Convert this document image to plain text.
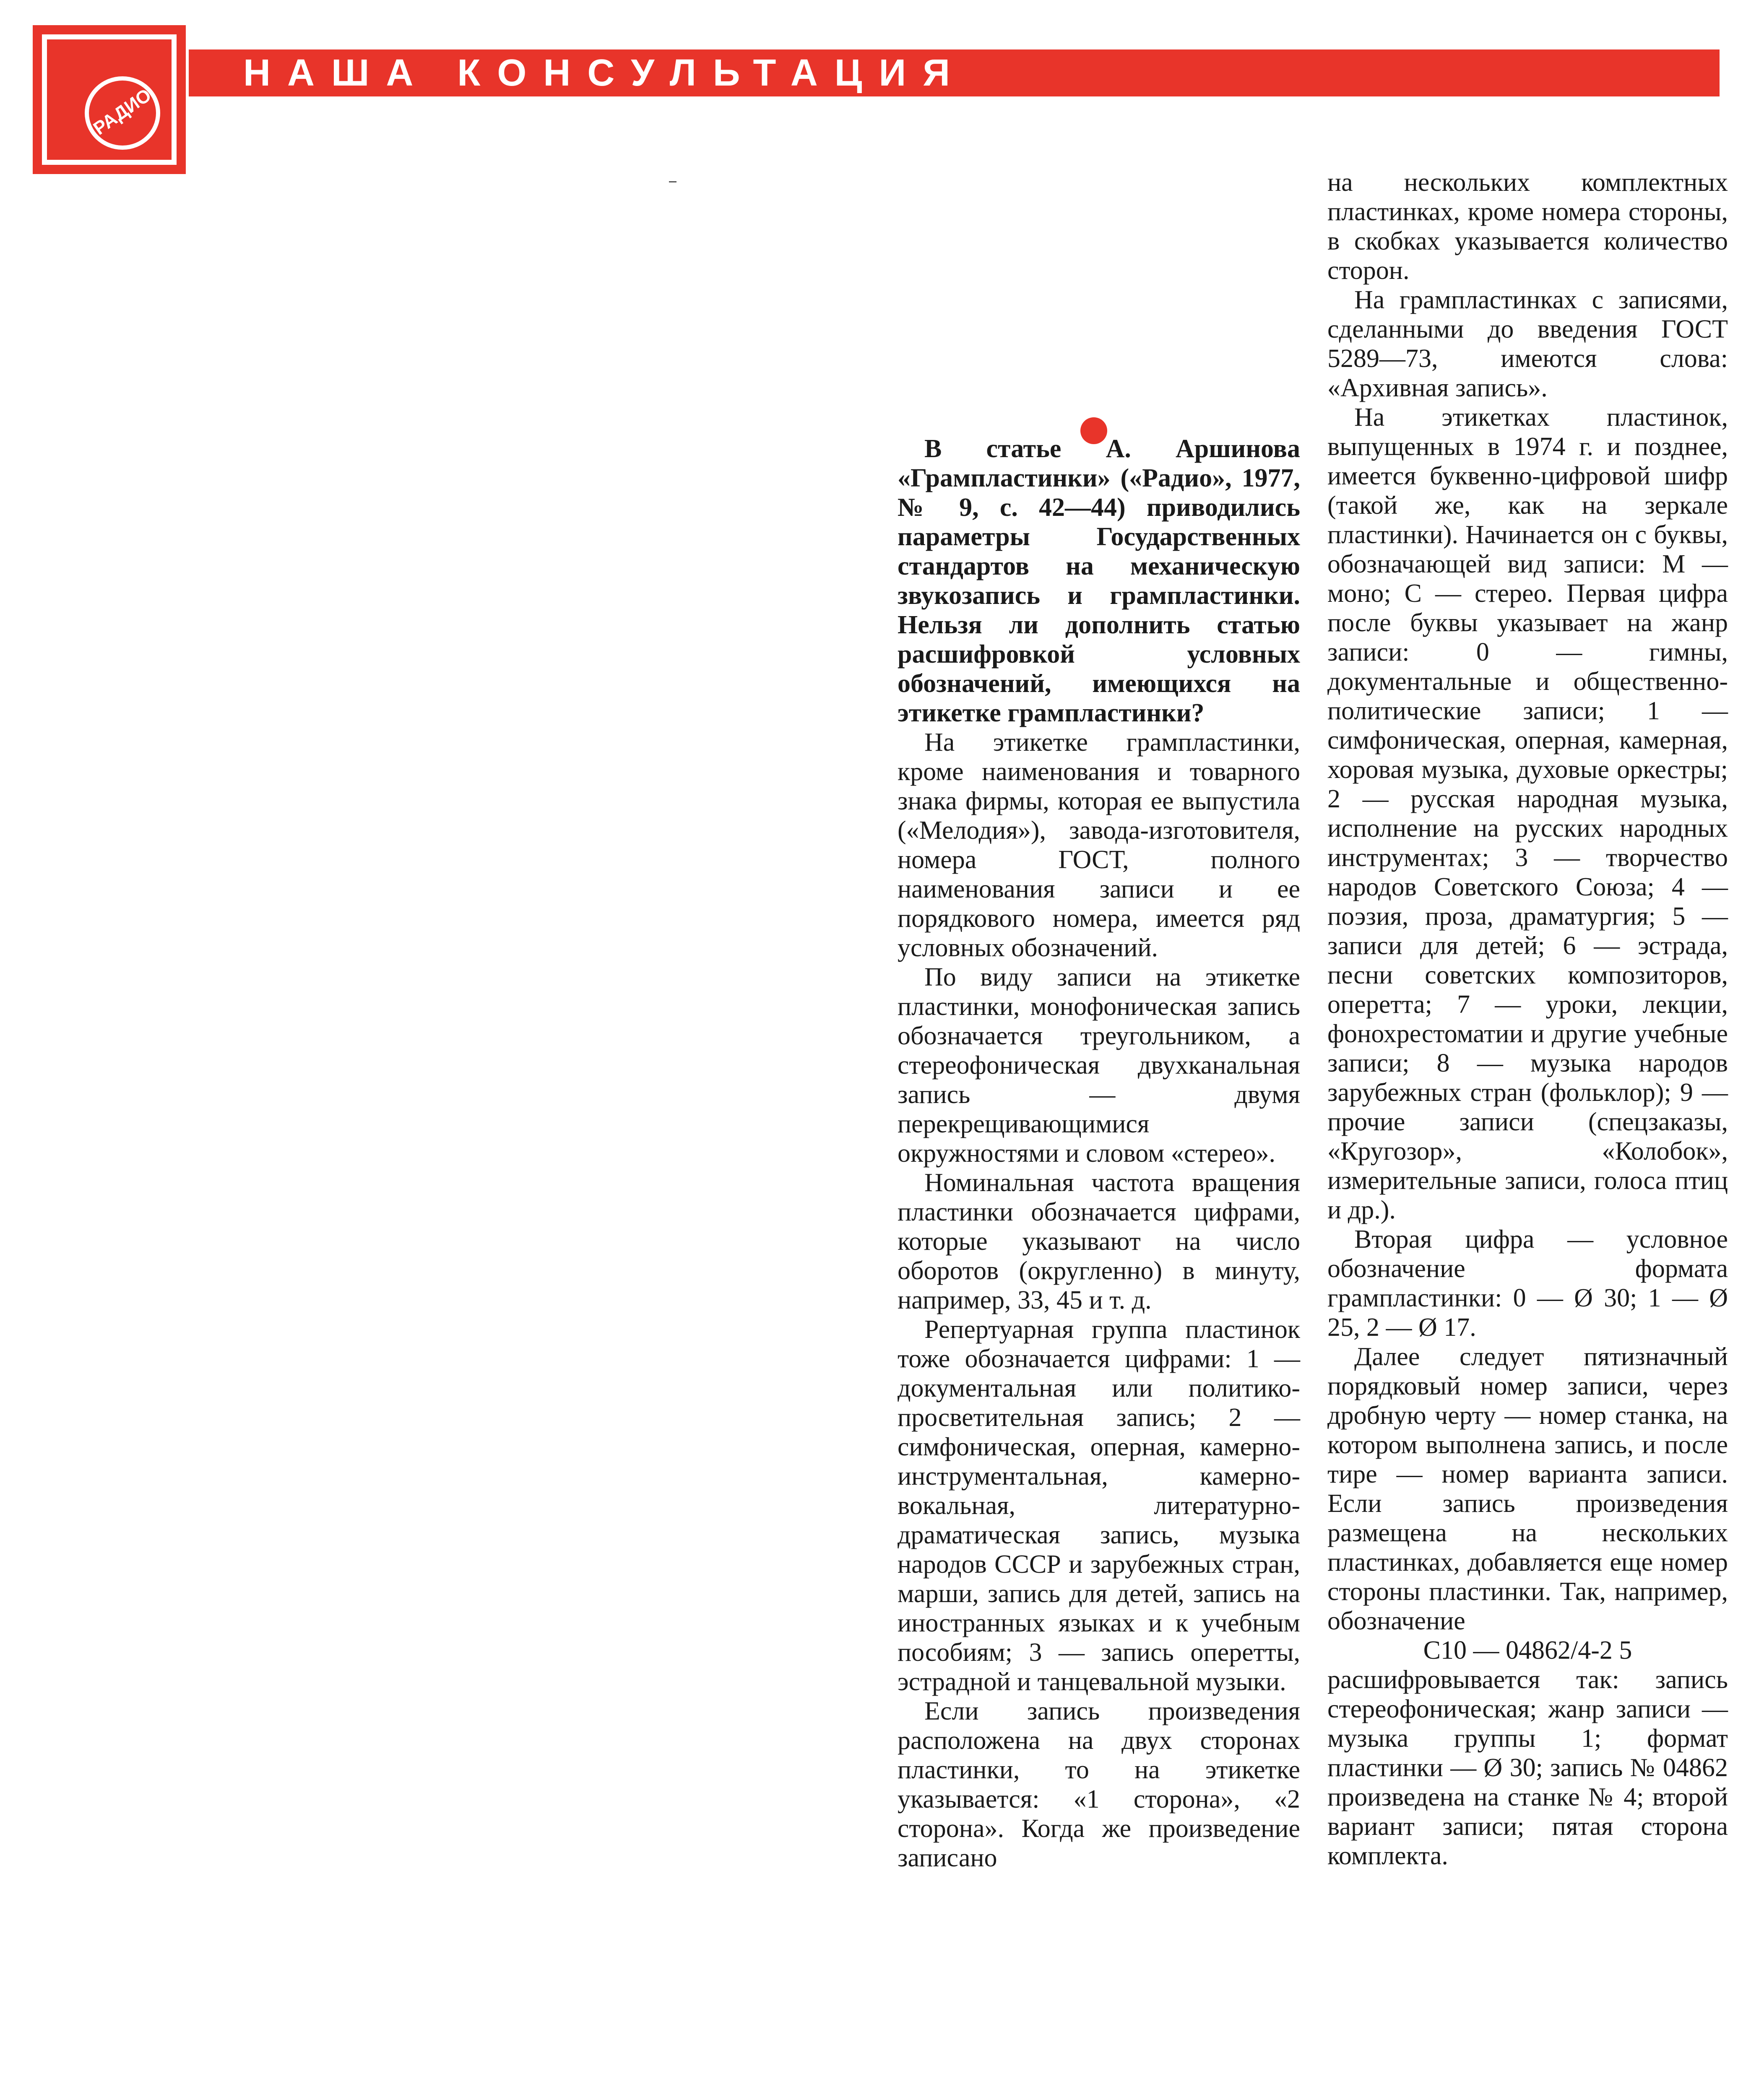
РАДИО
НАША КОНСУЛЬТАЦИЯ

В статье А. Аршинова «Грампластинки» («Радио», 1977, № 9, с. 42—44) приводились параметры Государственных стандартов на механическую звукозапись и грампластинки. Нельзя ли дополнить статью расшифровкой условных обозначений, имеющихся на этикетке грампластинки?

На этикетке грампластинки, кроме наименования и товарного знака фирмы, которая ее выпустила («Мелодия»), завода-изготовителя, номера ГОСТ, полного наименования записи и ее порядкового номера, имеется ряд условных обозначений.

По виду записи на этикетке пластинки, монофоническая запись обозначается треугольником, а стереофоническая двухканальная запись — двумя перекрещивающимися окружностями и словом «стерео».

Номинальная частота вращения пластинки обозначается цифрами, которые указывают на число оборотов (округленно) в минуту, например, 33, 45 и т. д.

Репертуарная группа пластинок тоже обозначается цифрами: 1 — документальная или политико-просветительная запись; 2 — симфоническая, оперная, камерно-инструментальная, камерно-вокальная, литературно-драматическая запись, музыка народов СССР и зарубежных стран, марши, запись для детей, запись на иностранных языках и к учебным пособиям; 3 — запись оперетты, эстрадной и танцевальной музыки.

Если запись произведения расположена на двух сторонах пластинки, то на этикетке указывается: «1 сторона», «2 сторона». Когда же произведение записано

на нескольких комплектных пластинках, кроме номера стороны, в скобках указывается количество сторон.

На грампластинках с записями, сделанными до введения ГОСТ 5289—73, имеются слова: «Архивная запись».

На этикетках пластинок, выпущенных в 1974 г. и позднее, имеется буквенно-цифровой шифр (такой же, как на зеркале пластинки). Начинается он с буквы, обозначающей вид записи: М — моно; С — стерео. Первая цифра после буквы указывает на жанр записи: 0 — гимны, документальные и общественно-политические записи; 1 — симфоническая, оперная, камерная, хоровая музыка, духовые оркестры; 2 — русская народная музыка, исполнение на русских народных инструментах; 3 — творчество народов Советского Союза; 4 — поэзия, проза, драматургия; 5 — записи для детей; 6 — эстрада, песни советских композиторов, оперетта; 7 — уроки, лекции, фонохрестоматии и другие учебные записи; 8 — музыка народов зарубежных стран (фольклор); 9 — прочие записи (спецзаказы, «Кругозор», «Колобок», измерительные записи, голоса птиц и др.).

Вторая цифра — условное обозначение формата грампластинки: 0 — Ø 30; 1 — Ø 25, 2 — Ø 17.

Далее следует пятизначный порядковый номер записи, через дробную черту — номер станка, на котором выполнена запись, и после тире — номер варианта записи. Если запись произведения размещена на нескольких пластинках, добавляется еще номер стороны пластинки. Так, например, обозначение

С10 — 04862/4-2 5

расшифровывается так: запись стереофоническая; жанр записи — музыка группы 1; формат пластинки — Ø 30; запись № 04862 произведена на станке № 4; второй вариант записи; пятая сторона комплекта.
